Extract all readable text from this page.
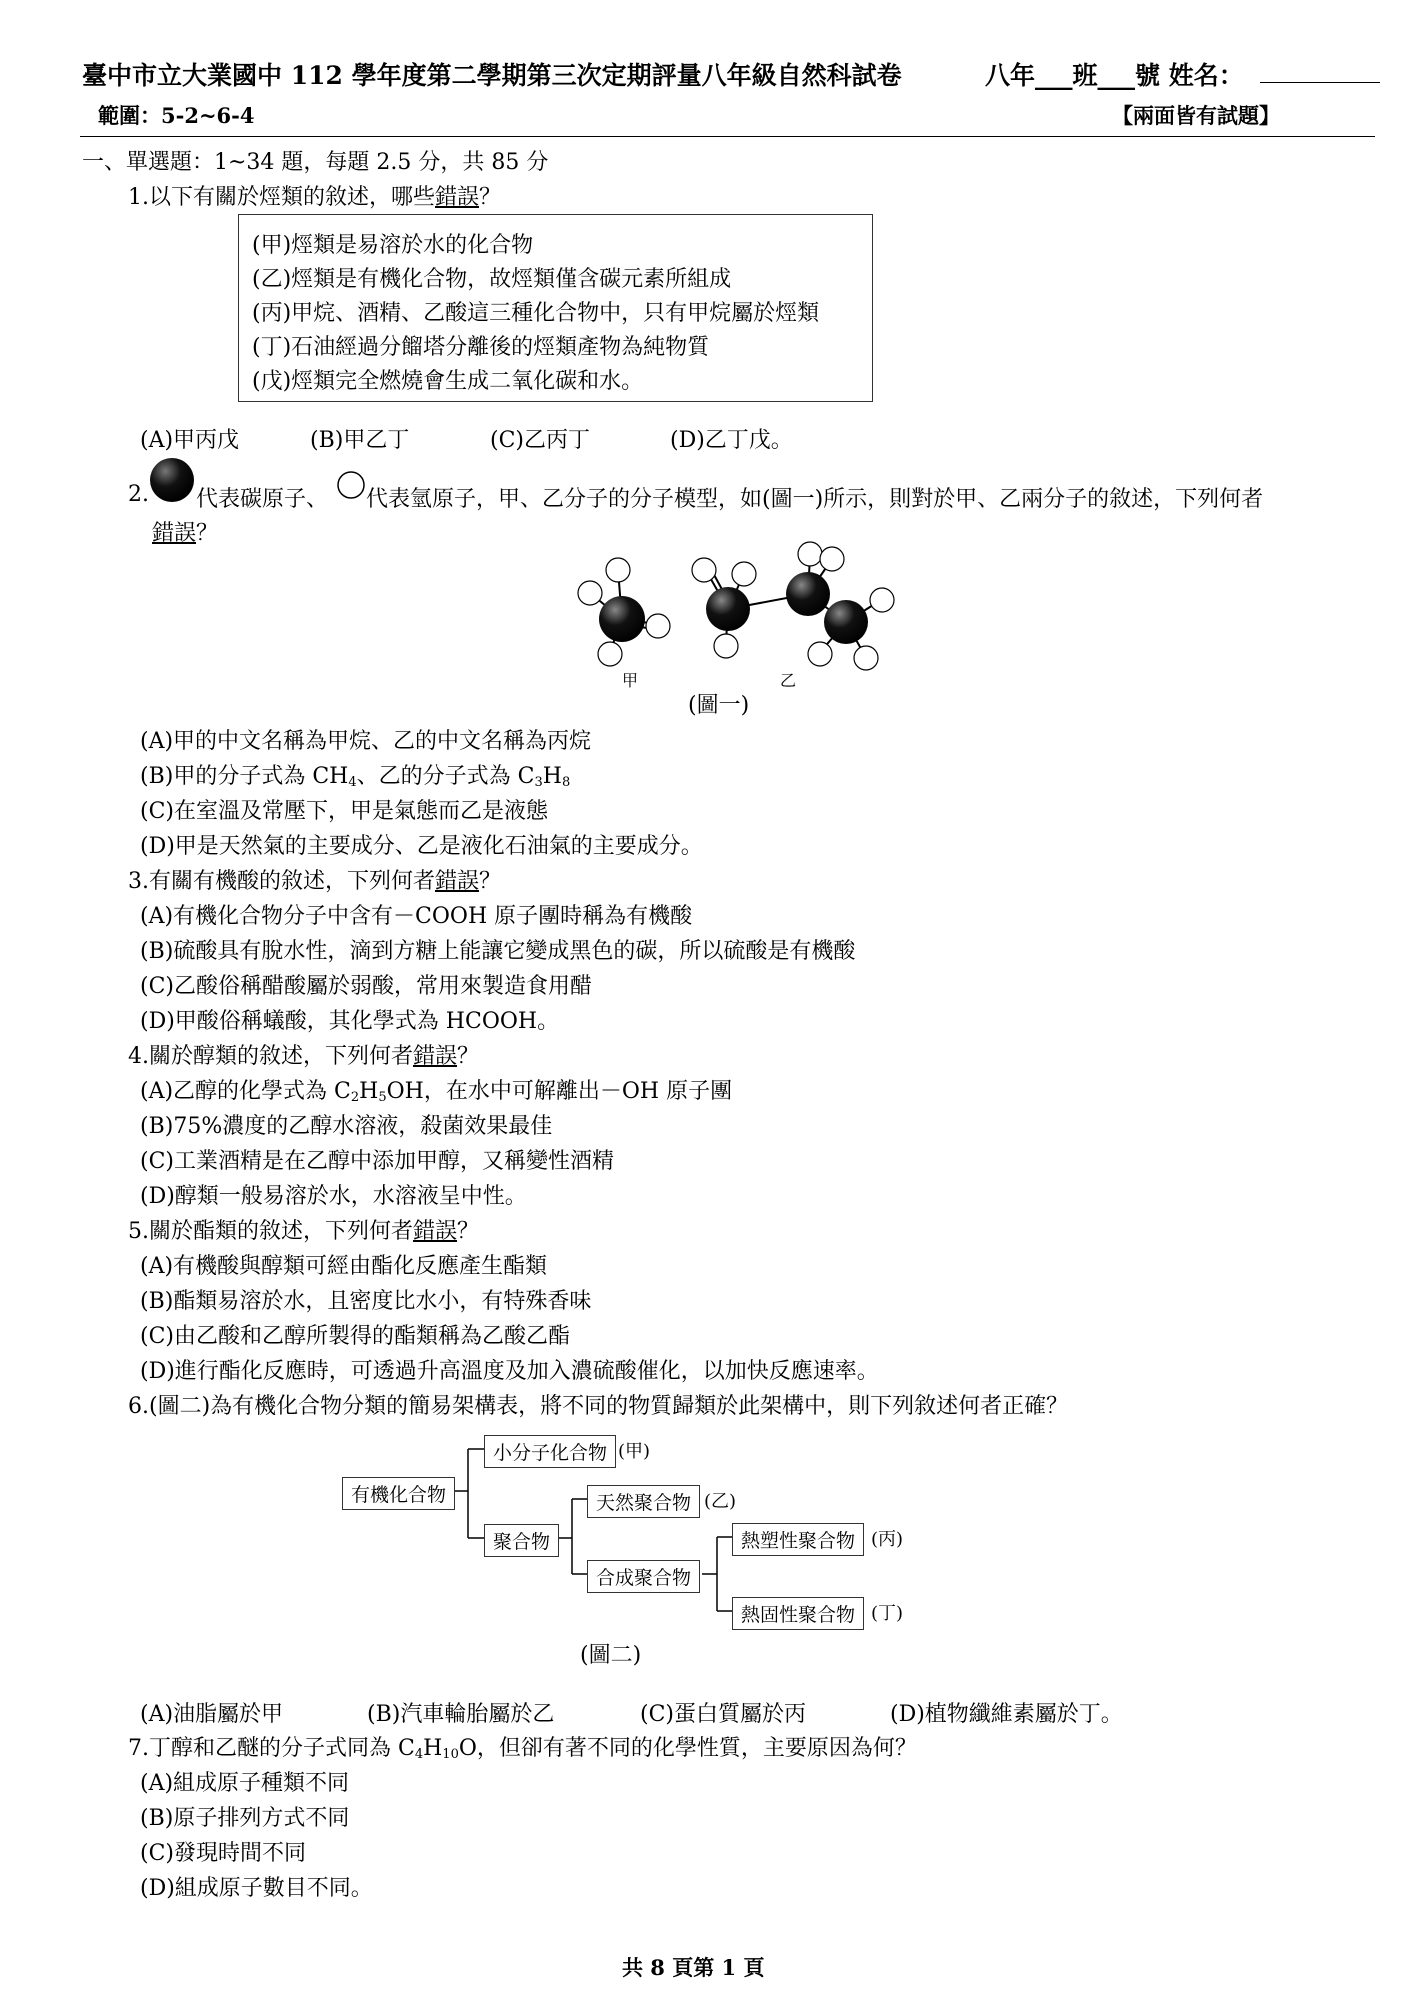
臺中市立大業國中 112 學年度第二學期第三次定期評量八年級自然科試卷	八年___班___號 姓名：
範圍：5-2~6-4	【兩面皆有試題】
一、單選題：1~34 題，每題 2.5 分，共 85 分
1.以下有關於烴類的敘述，哪些錯誤？
(甲)烴類是易溶於水的化合物
(乙)烴類是有機化合物，故烴類僅含碳元素所組成
(丙)甲烷、酒精、乙酸這三種化合物中，只有甲烷屬於烴類
(丁)石油經過分餾塔分離後的烴類產物為純物質
(戊)烴類完全燃燒會生成二氧化碳和水。
(A)甲丙戊	(B)甲乙丁	(C)乙丙丁	(D)乙丁戊。
2. 代表碳原子、 代表氫原子，甲、乙分子的分子模型，如(圖一)所示，則對於甲、乙兩分子的敘述，下列何者
錯誤？
甲	乙
(圖一)
(A)甲的中文名稱為甲烷、乙的中文名稱為丙烷
(B)甲的分子式為 $CH_4$、乙的分子式為 $C_3H_8$
(C)在室溫及常壓下，甲是氣態而乙是液態
(D)甲是天然氣的主要成分、乙是液化石油氣的主要成分。
3.有關有機酸的敘述，下列何者錯誤？
(A)有機化合物分子中含有－COOH 原子團時稱為有機酸
(B)硫酸具有脫水性，滴到方糖上能讓它變成黑色的碳，所以硫酸是有機酸
(C)乙酸俗稱醋酸屬於弱酸，常用來製造食用醋
(D)甲酸俗稱蟻酸，其化學式為 HCOOH。
4.關於醇類的敘述，下列何者錯誤？
(A)乙醇的化學式為 $C_2H_5OH$，在水中可解離出－OH 原子團
(B)75%濃度的乙醇水溶液，殺菌效果最佳
(C)工業酒精是在乙醇中添加甲醇，又稱變性酒精
(D)醇類一般易溶於水，水溶液呈中性。
5.關於酯類的敘述，下列何者錯誤？
(A)有機酸與醇類可經由酯化反應產生酯類
(B)酯類易溶於水，且密度比水小，有特殊香味
(C)由乙酸和乙醇所製得的酯類稱為乙酸乙酯
(D)進行酯化反應時，可透過升高溫度及加入濃硫酸催化，以加快反應速率。
6.(圖二)為有機化合物分類的簡易架構表，將不同的物質歸類於此架構中，則下列敘述何者正確？
有機化合物
小分子化合物 (甲)
聚合物
天然聚合物 (乙)
合成聚合物
熱塑性聚合物 (丙)
熱固性聚合物 (丁)
(圖二)
(A)油脂屬於甲	(B)汽車輪胎屬於乙	(C)蛋白質屬於丙	(D)植物纖維素屬於丁。
7.丁醇和乙醚的分子式同為 $C_4H_{10}O$，但卻有著不同的化學性質，主要原因為何？
(A)組成原子種類不同
(B)原子排列方式不同
(C)發現時間不同
(D)組成原子數目不同。
共 8 頁第 1 頁
